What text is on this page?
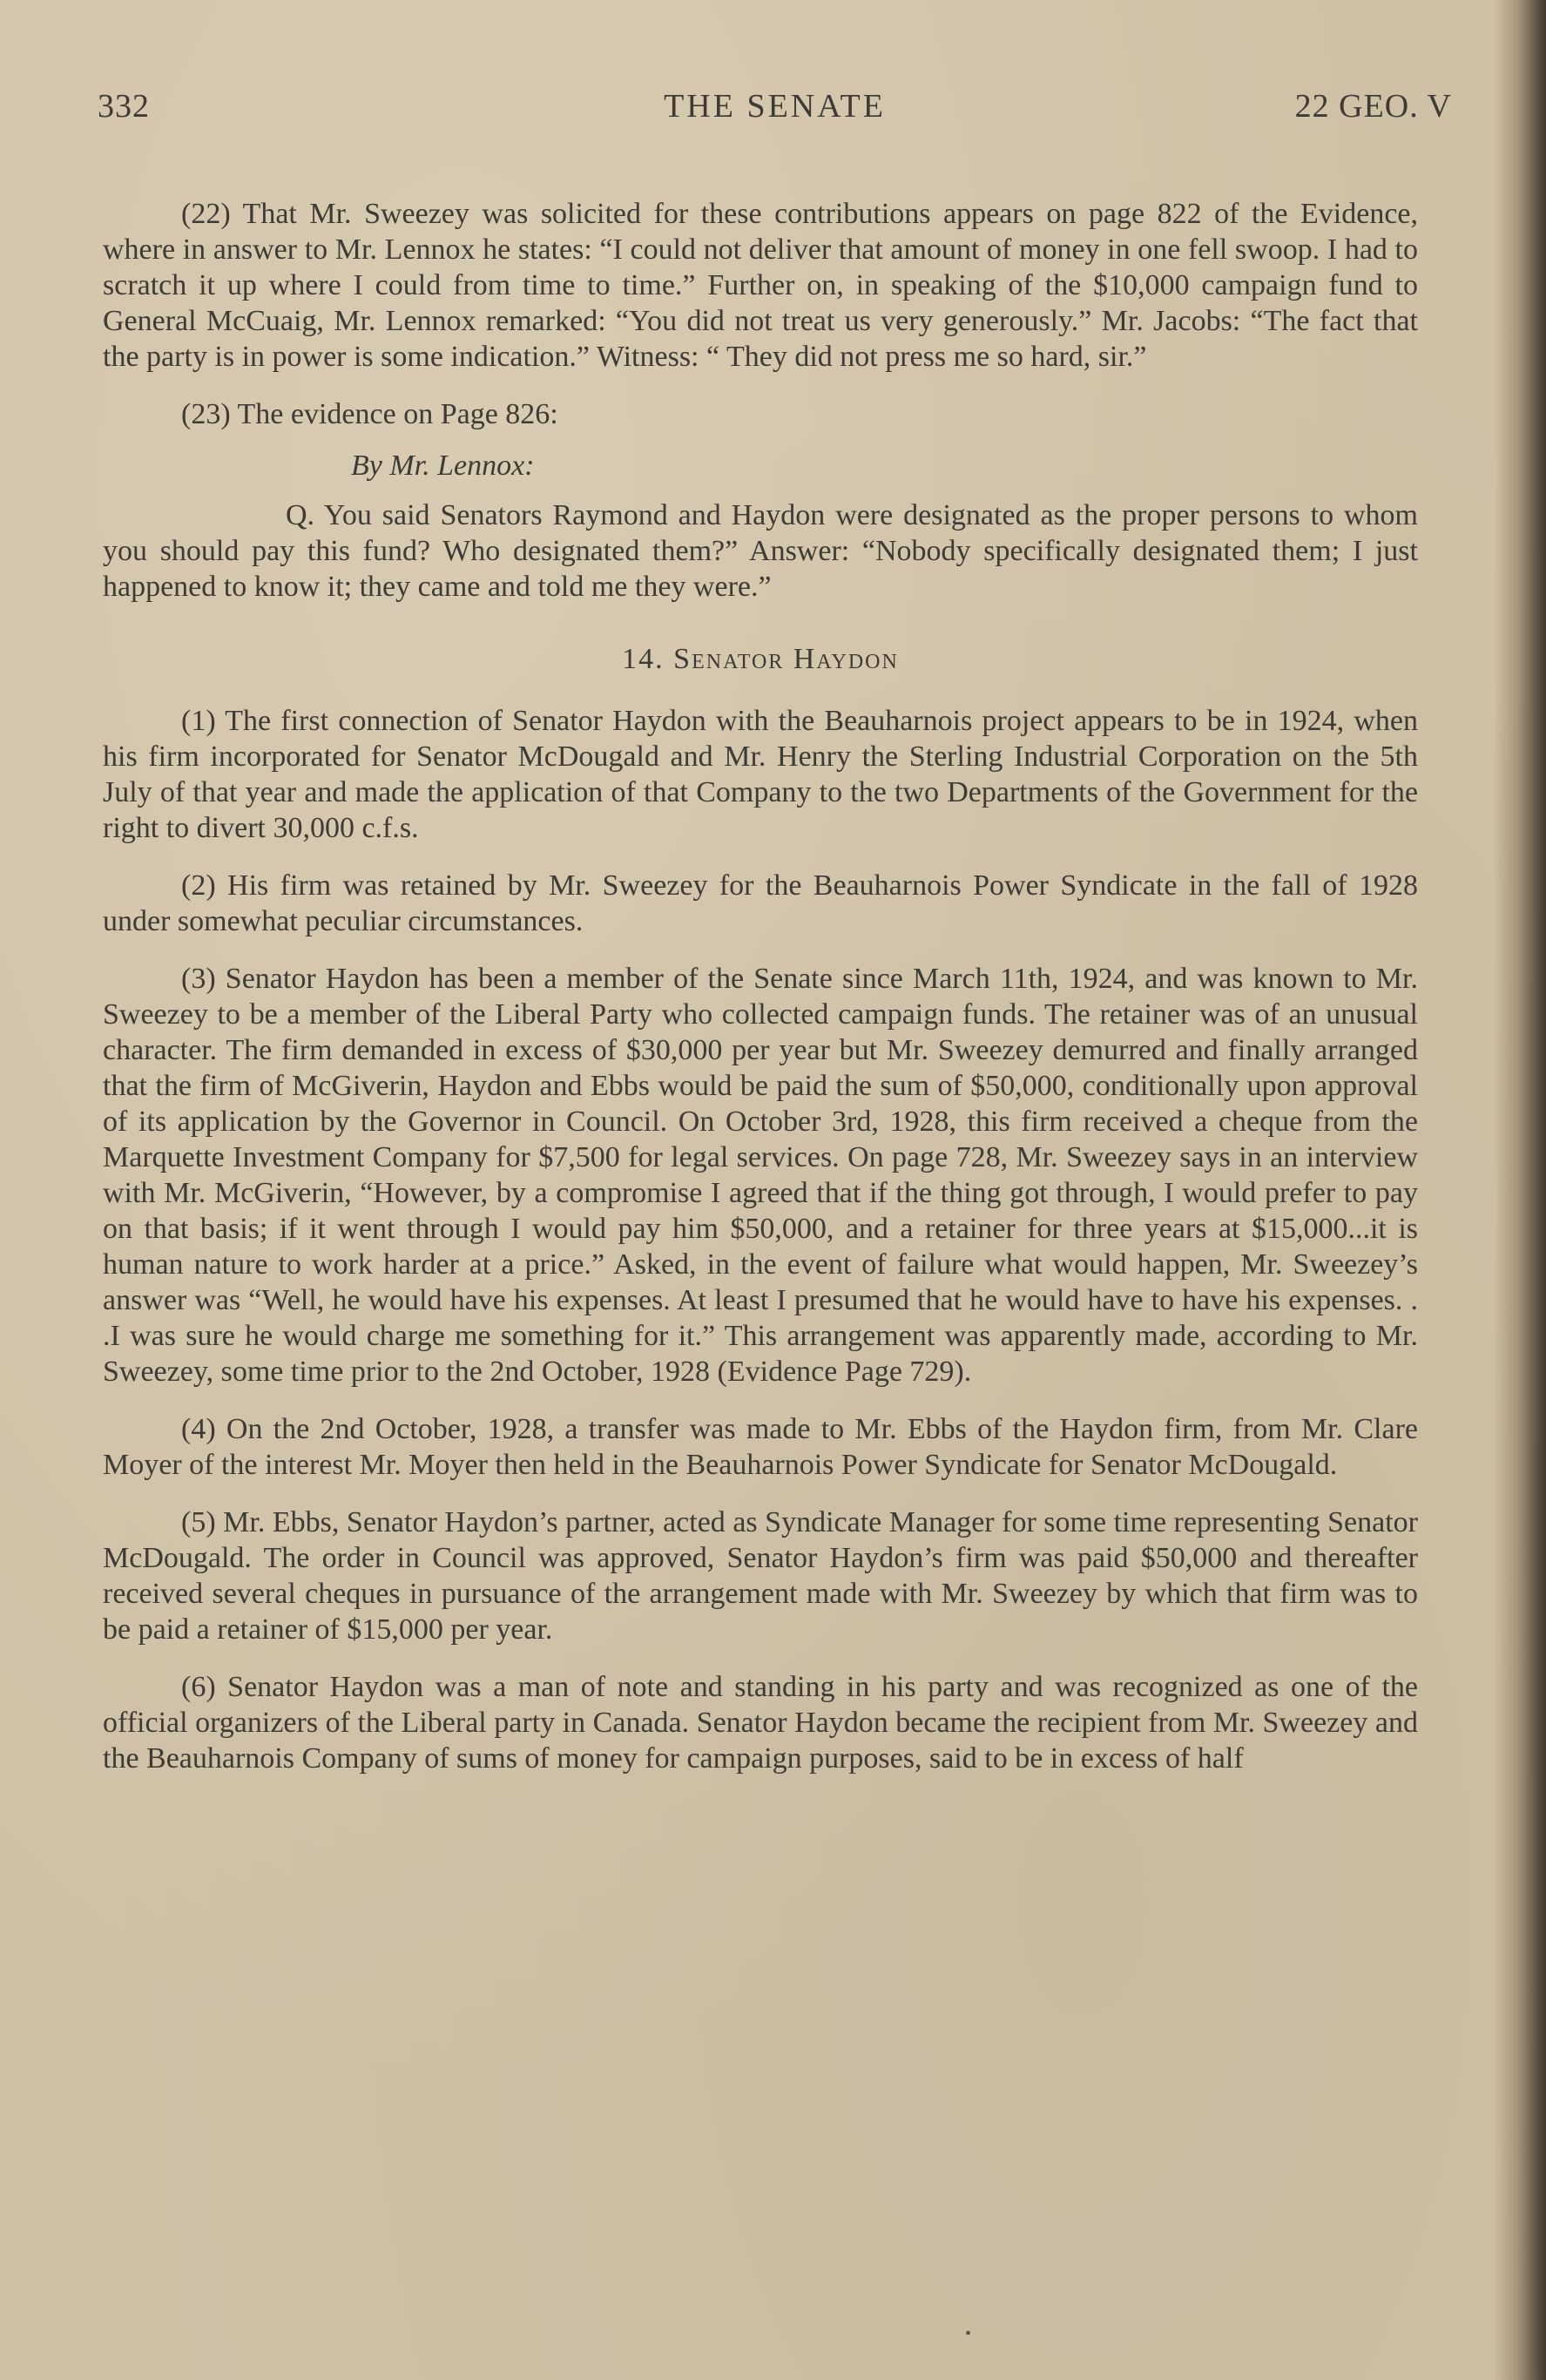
332	THE SENATE	22 GEO. V

(22) That Mr. Sweezey was solicited for these contributions appears on page 822 of the Evidence, where in answer to Mr. Lennox he states: “I could not deliver that amount of money in one fell swoop. I had to scratch it up where I could from time to time.” Further on, in speaking of the $10,000 campaign fund to General McCuaig, Mr. Lennox remarked: “You did not treat us very generously.” Mr. Jacobs: “The fact that the party is in power is some indication.” Witness: “ They did not press me so hard, sir.”

(23) The evidence on Page 826:

By Mr. Lennox:

Q. You said Senators Raymond and Haydon were designated as the proper persons to whom you should pay this fund? Who designated them?” Answer: “Nobody specifically designated them; I just happened to know it; they came and told me they were.”

14. Senator Haydon

(1) The first connection of Senator Haydon with the Beauharnois project appears to be in 1924, when his firm incorporated for Senator McDougald and Mr. Henry the Sterling Industrial Corporation on the 5th July of that year and made the application of that Company to the two Departments of the Government for the right to divert 30,000 c.f.s.

(2) His firm was retained by Mr. Sweezey for the Beauharnois Power Syndicate in the fall of 1928 under somewhat peculiar circumstances.

(3) Senator Haydon has been a member of the Senate since March 11th, 1924, and was known to Mr. Sweezey to be a member of the Liberal Party who collected campaign funds. The retainer was of an unusual character. The firm demanded in excess of $30,000 per year but Mr. Sweezey demurred and finally arranged that the firm of McGiverin, Haydon and Ebbs would be paid the sum of $50,000, conditionally upon approval of its application by the Governor in Council. On October 3rd, 1928, this firm received a cheque from the Marquette Investment Company for $7,500 for legal services. On page 728, Mr. Sweezey says in an interview with Mr. McGiverin, “However, by a compromise I agreed that if the thing got through, I would prefer to pay on that basis; if it went through I would pay him $50,000, and a retainer for three years at $15,000...it is human nature to work harder at a price.” Asked, in the event of failure what would happen, Mr. Sweezey’s answer was “Well, he would have his expenses. At least I presumed that he would have to have his expenses. . .I was sure he would charge me something for it.” This arrangement was apparently made, according to Mr. Sweezey, some time prior to the 2nd October, 1928 (Evidence Page 729).

(4) On the 2nd October, 1928, a transfer was made to Mr. Ebbs of the Haydon firm, from Mr. Clare Moyer of the interest Mr. Moyer then held in the Beauharnois Power Syndicate for Senator McDougald.

(5) Mr. Ebbs, Senator Haydon’s partner, acted as Syndicate Manager for some time representing Senator McDougald. The order in Council was approved, Senator Haydon’s firm was paid $50,000 and thereafter received several cheques in pursuance of the arrangement made with Mr. Sweezey by which that firm was to be paid a retainer of $15,000 per year.

(6) Senator Haydon was a man of note and standing in his party and was recognized as one of the official organizers of the Liberal party in Canada. Senator Haydon became the recipient from Mr. Sweezey and the Beauharnois Company of sums of money for campaign purposes, said to be in excess of half

•
